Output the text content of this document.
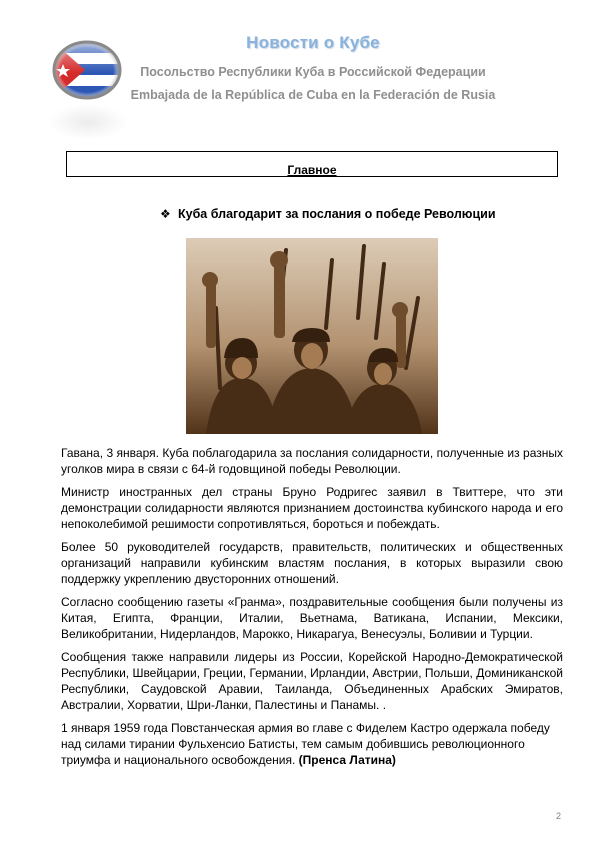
Новости о Кубе
Посольство Республики Куба в Российской Федерации
Embajada de la República de Cuba en la Federación de Rusia
Главное
❖ Куба благодарит за послания о победе Революции

Гавана, 3 января. Куба поблагодарила за послания солидарности, полученные из разных уголков мира в связи с 64-й годовщиной победы Революции.

Министр иностранных дел страны Бруно Родригес заявил в Твиттере, что эти демонстрации солидарности являются признанием достоинства кубинского народа и его непоколебимой решимости сопротивляться, бороться и побеждать.

Более 50 руководителей государств, правительств, политических и общественных организаций направили кубинским властям послания, в которых выразили свою поддержку укреплению двусторонних отношений.

Согласно сообщению газеты «Гранма», поздравительные сообщения были получены из Китая, Египта, Франции, Италии, Вьетнама, Ватикана, Испании, Мексики, Великобритании, Нидерландов, Марокко, Никарагуа, Венесуэлы, Боливии и Турции.

Сообщения также направили лидеры из России, Корейской Народно-Демократической Республики, Швейцарии, Греции, Германии, Ирландии, Австрии, Польши, Доминиканской Республики, Саудовской Аравии, Таиланда, Объединенных Арабских Эмиратов, Австралии, Хорватии, Шри-Ланки, Палестины и Панамы. .

1 января 1959 года Повстанческая армия во главе с Фиделем Кастро одержала победу над силами тирании Фульхенсио Батисты, тем самым добившись революционного триумфа и национального освобождения. (Пренса Латина)

2
